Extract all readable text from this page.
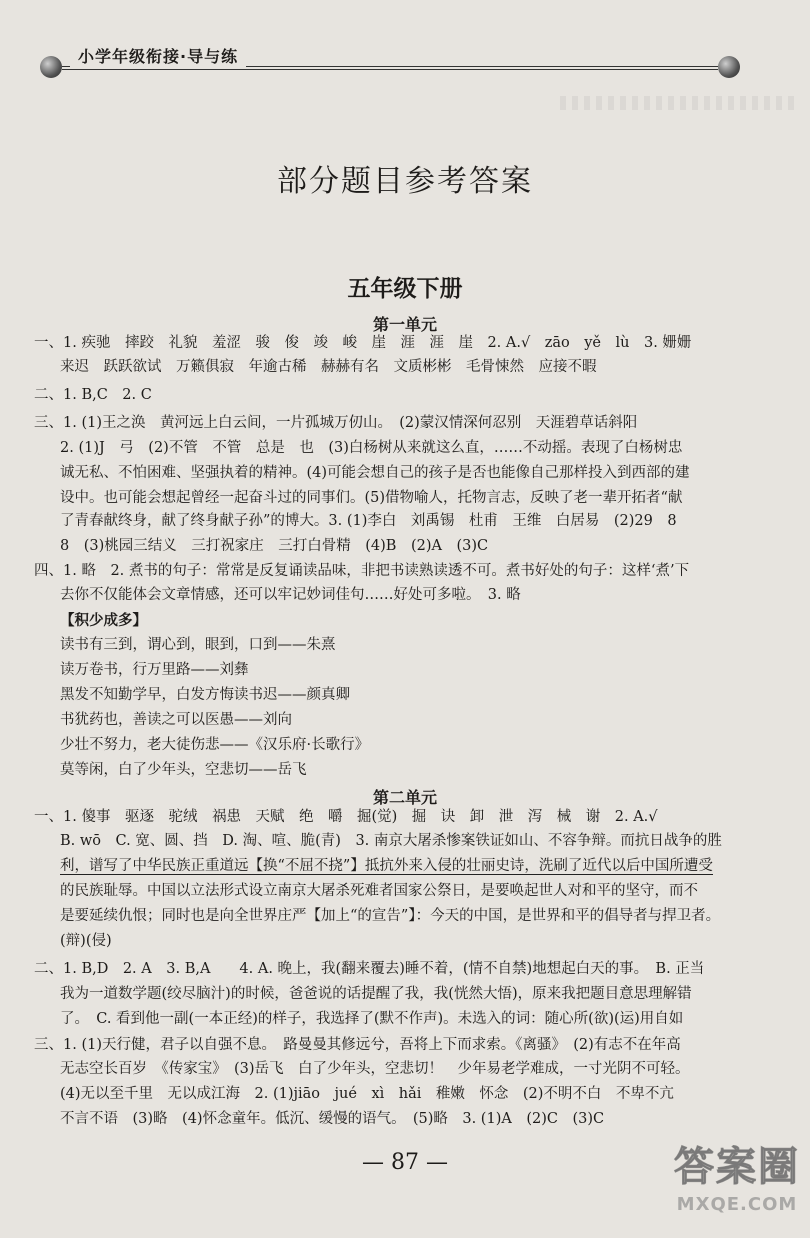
小学年级衔接·导与练
部分题目参考答案
五年级下册
第一单元
一、1. 疾驰　摔跤　礼貌　羞涩　骏　俊　竣　峻　崖　涯　涯　崖　2. A.√　zāo　yě　lù　3. 姗姗
来迟　跃跃欲试　万籁俱寂　年逾古稀　赫赫有名　文质彬彬　毛骨悚然　应接不暇
二、1. B,C　2. C
三、1. (1)王之涣　黄河远上白云间，一片孤城万仞山。　(2)蒙汉情深何忍别　天涯碧草话斜阳
2. (1)J　弓　(2)不管　不管　总是　也　(3)白杨树从来就这么直，……不动摇。表现了白杨树忠
诚无私、不怕困难、坚强执着的精神。(4)可能会想自己的孩子是否也能像自己那样投入到西部的建
设中。也可能会想起曾经一起奋斗过的同事们。(5)借物喻人，托物言志，反映了老一辈开拓者“献
了青春献终身，献了终身献子孙”的博大。3. (1)李白　刘禹锡　杜甫　王维　白居易　(2)29　8
8　(3)桃园三结义　三打祝家庄　三打白骨精　(4)B　(2)A　(3)C
四、1. 略　2. 煮书的句子：常常是反复诵读品味，非把书读熟读透不可。煮书好处的句子：这样‘煮’下
去你不仅能体会文章情感，还可以牢记妙词佳句……好处可多啦。　3. 略
【积少成多】
读书有三到，谓心到，眼到，口到——朱熹
读万卷书，行万里路——刘彝
黑发不知勤学早，白发方悔读书迟——颜真卿
书犹药也，善读之可以医愚——刘向
少壮不努力，老大徒伤悲——《汉乐府·长歌行》
莫等闲，白了少年头，空悲切——岳飞
第二单元
一、1. 傻事　驱逐　驼绒　祸患　天赋　绝　嚼　掘(觉)　掘　诀　卸　泄　泻　械　谢　2. A.√
B. wō　C. 宽、圆、挡　D. 淘、喧、脆(青)　3. 南京大屠杀惨案铁证如山、不容争辩。而抗日战争的胜
利，谱写了中华民族正重道远【换“不屈不挠”】抵抗外来入侵的壮丽史诗，洗刷了近代以后中国所遭受
的民族耻辱。中国以立法形式设立南京大屠杀死难者国家公祭日，是要唤起世人对和平的坚守，而不
是要延续仇恨；同时也是向全世界庄严【加上“的宣告”】：今天的中国，是世界和平的倡导者与捍卫者。
(辩)(侵)
二、1. B,D　2. A　3. B,A　　4. A. 晚上，我(翻来覆去)睡不着，(情不自禁)地想起白天的事。　B. 正当
我为一道数学题(绞尽脑汁)的时候，爸爸说的话提醒了我，我(恍然大悟)，原来我把题目意思理解错
了。　C. 看到他一副(一本正经)的样子，我选择了(默不作声)。未选入的词：随心所(欲)(运)用自如
三、1. (1)天行健，君子以自强不息。　路曼曼其修远兮，吾将上下而求索。《离骚》　(2)有志不在年高
无志空长百岁　《传家宝》　(3)岳飞　白了少年头，空悲切！　少年易老学难成，一寸光阴不可轻。
(4)无以至千里　无以成江海　2. (1)jiāo　jué　xì　hǎi　稚嫩　怀念　(2)不明不白　不卑不亢
不言不语　(3)略　(4)怀念童年。低沉、缓慢的语气。　(5)略　3. (1)A　(2)C　(3)C
— 87 —	答案圈
MXQE.COM
